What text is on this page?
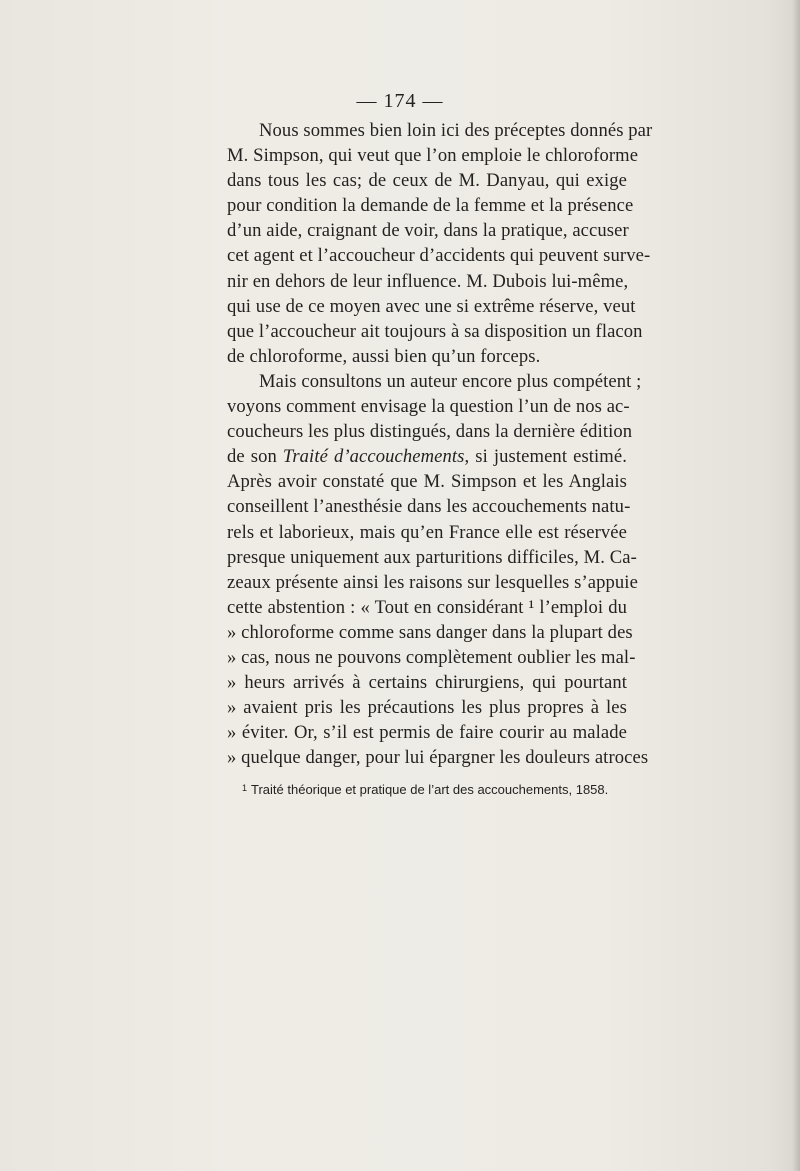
— 174 —
Nous sommes bien loin ici des préceptes donnés par
M. Simpson, qui veut que l’on emploie le chloroforme
dans tous les cas; de ceux de M. Danyau, qui exige
pour condition la demande de la femme et la présence
d’un aide, craignant de voir, dans la pratique, accuser
cet agent et l’accoucheur d’accidents qui peuvent surve-
nir en dehors de leur influence. M. Dubois lui-même,
qui use de ce moyen avec une si extrême réserve, veut
que l’accoucheur ait toujours à sa disposition un flacon
de chloroforme, aussi bien qu’un forceps.
Mais consultons un auteur encore plus compétent ;
voyons comment envisage la question l’un de nos ac-
coucheurs les plus distingués, dans la dernière édition
de son Traité d’accouchements, si justement estimé.
Après avoir constaté que M. Simpson et les Anglais
conseillent l’anesthésie dans les accouchements natu-
rels et laborieux, mais qu’en France elle est réservée
presque uniquement aux parturitions difficiles, M. Ca-
zeaux présente ainsi les raisons sur lesquelles s’appuie
cette abstention : « Tout en considérant ¹ l’emploi du
» chloroforme comme sans danger dans la plupart des
» cas, nous ne pouvons complètement oublier les mal-
» heurs arrivés à certains chirurgiens, qui pourtant
» avaient pris les précautions les plus propres à les
» éviter. Or, s’il est permis de faire courir au malade
» quelque danger, pour lui épargner les douleurs atroces
$^1$ Traité théorique et pratique de l’art des accouchements, 1858.
